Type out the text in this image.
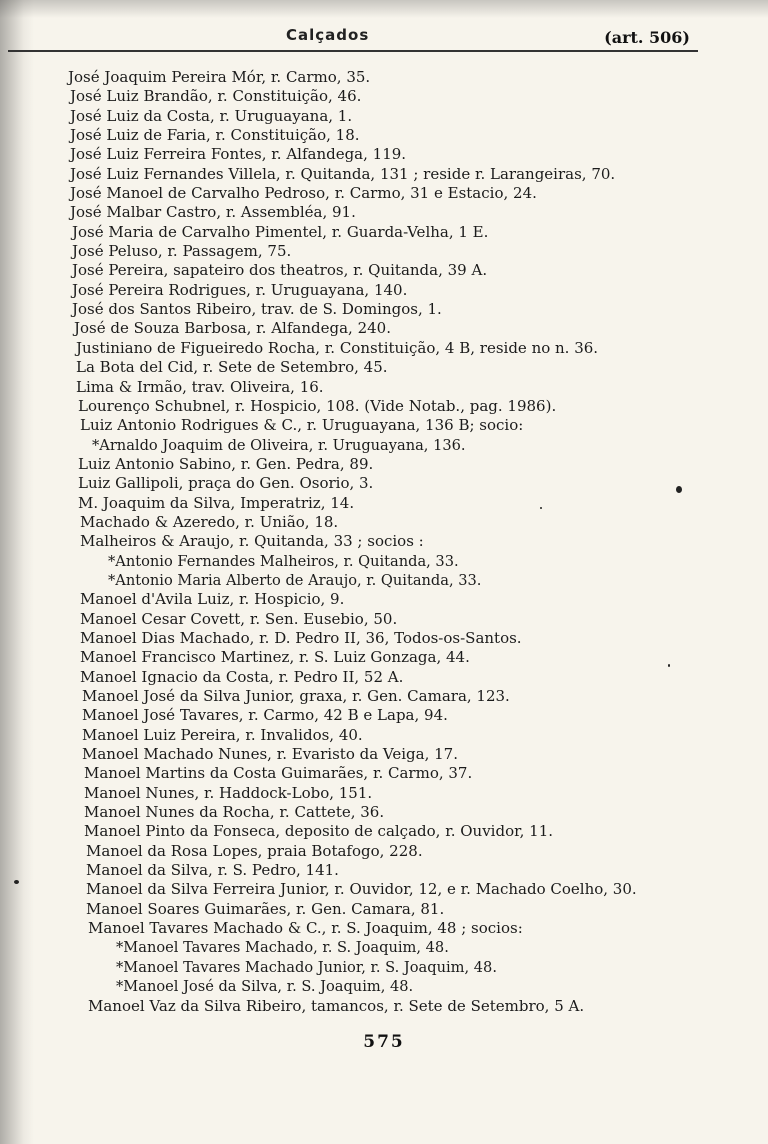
Calçados	(art. 506)
José Joaquim Pereira Mór, r. Carmo, 35.
José Luiz Brandão, r. Constituição, 46.
José Luiz da Costa, r. Uruguayana, 1.
José Luiz de Faria, r. Constituição, 18.
José Luiz Ferreira Fontes, r. Alfandega, 119.
José Luiz Fernandes Villela, r. Quitanda, 131 ; reside r. Larangeiras, 70.
José Manoel de Carvalho Pedroso, r. Carmo, 31 e Estacio, 24.
José Malbar Castro, r. Assembléa, 91.
José Maria de Carvalho Pimentel, r. Guarda-Velha, 1 E.
José Peluso, r. Passagem, 75.
José Pereira, sapateiro dos theatros, r. Quitanda, 39 A.
José Pereira Rodrigues, r. Uruguayana, 140.
José dos Santos Ribeiro, trav. de S. Domingos, 1.
José de Souza Barbosa, r. Alfandega, 240.
Justiniano de Figueiredo Rocha, r. Constituição, 4 B, reside no n. 36.
La Bota del Cid, r. Sete de Setembro, 45.
Lima & Irmão, trav. Oliveira, 16.
Lourenço Schubnel, r. Hospicio, 108. (Vide Notab., pag. 1986).
Luiz Antonio Rodrigues & C., r. Uruguayana, 136 B; socio:
*Arnaldo Joaquim de Oliveira, r. Uruguayana, 136.
Luiz Antonio Sabino, r. Gen. Pedra, 89.
Luiz Gallipoli, praça do Gen. Osorio, 3.
M. Joaquim da Silva, Imperatriz, 14.
Machado & Azeredo, r. União, 18.
Malheiros & Araujo, r. Quitanda, 33 ; socios :
*Antonio Fernandes Malheiros, r. Quitanda, 33.
*Antonio Maria Alberto de Araujo, r. Quitanda, 33.
Manoel d'Avila Luiz, r. Hospicio, 9.
Manoel Cesar Covett, r. Sen. Eusebio, 50.
Manoel Dias Machado, r. D. Pedro II, 36, Todos-os-Santos.
Manoel Francisco Martinez, r. S. Luiz Gonzaga, 44.
Manoel Ignacio da Costa, r. Pedro II, 52 A.
Manoel José da Silva Junior, graxa, r. Gen. Camara, 123.
Manoel José Tavares, r. Carmo, 42 B e Lapa, 94.
Manoel Luiz Pereira, r. Invalidos, 40.
Manoel Machado Nunes, r. Evaristo da Veiga, 17.
Manoel Martins da Costa Guimarães, r. Carmo, 37.
Manoel Nunes, r. Haddock-Lobo, 151.
Manoel Nunes da Rocha, r. Cattete, 36.
Manoel Pinto da Fonseca, deposito de calçado, r. Ouvidor, 11.
Manoel da Rosa Lopes, praia Botafogo, 228.
Manoel da Silva, r. S. Pedro, 141.
Manoel da Silva Ferreira Junior, r. Ouvidor, 12, e r. Machado Coelho, 30.
Manoel Soares Guimarães, r. Gen. Camara, 81.
Manoel Tavares Machado & C., r. S. Joaquim, 48 ; socios:
*Manoel Tavares Machado, r. S. Joaquim, 48.
*Manoel Tavares Machado Junior, r. S. Joaquim, 48.
*Manoel José da Silva, r. S. Joaquim, 48.
Manoel Vaz da Silva Ribeiro, tamancos, r. Sete de Setembro, 5 A.
575
